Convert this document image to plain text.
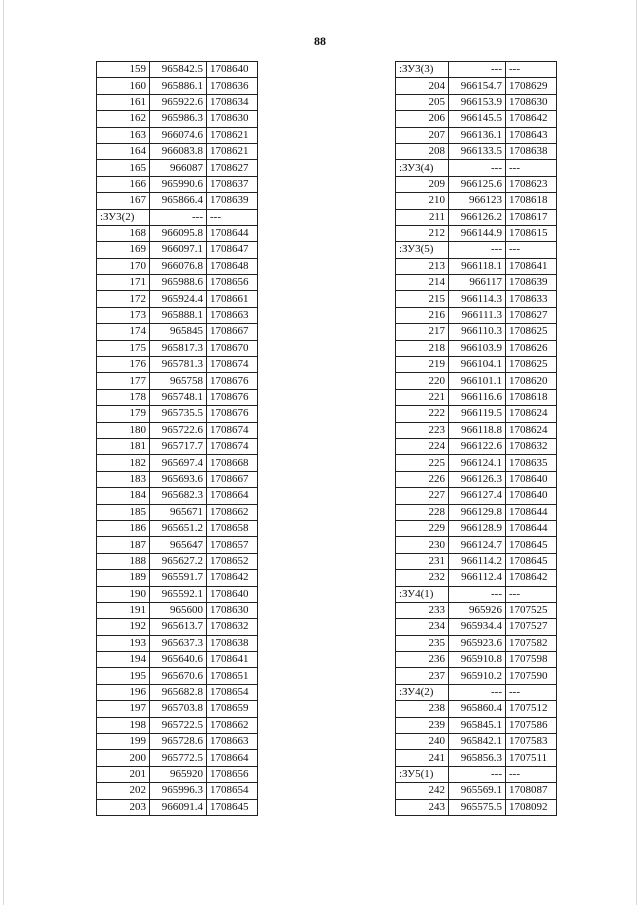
88
159	965842.5	1708640
160	965886.1	1708636
161	965922.6	1708634
162	965986.3	1708630
163	966074.6	1708621
164	966083.8	1708621
165	966087	1708627
166	965990.6	1708637
167	965866.4	1708639
:ЗУ3(2)	---	---
168	966095.8	1708644
169	966097.1	1708647
170	966076.8	1708648
171	965988.6	1708656
172	965924.4	1708661
173	965888.1	1708663
174	965845	1708667
175	965817.3	1708670
176	965781.3	1708674
177	965758	1708676
178	965748.1	1708676
179	965735.5	1708676
180	965722.6	1708674
181	965717.7	1708674
182	965697.4	1708668
183	965693.6	1708667
184	965682.3	1708664
185	965671	1708662
186	965651.2	1708658
187	965647	1708657
188	965627.2	1708652
189	965591.7	1708642
190	965592.1	1708640
191	965600	1708630
192	965613.7	1708632
193	965637.3	1708638
194	965640.6	1708641
195	965670.6	1708651
196	965682.8	1708654
197	965703.8	1708659
198	965722.5	1708662
199	965728.6	1708663
200	965772.5	1708664
201	965920	1708656
202	965996.3	1708654
203	966091.4	1708645
:ЗУ3(3)	---	---
204	966154.7	1708629
205	966153.9	1708630
206	966145.5	1708642
207	966136.1	1708643
208	966133.5	1708638
:ЗУ3(4)	---	---
209	966125.6	1708623
210	966123	1708618
211	966126.2	1708617
212	966144.9	1708615
:ЗУ3(5)	---	---
213	966118.1	1708641
214	966117	1708639
215	966114.3	1708633
216	966111.3	1708627
217	966110.3	1708625
218	966103.9	1708626
219	966104.1	1708625
220	966101.1	1708620
221	966116.6	1708618
222	966119.5	1708624
223	966118.8	1708624
224	966122.6	1708632
225	966124.1	1708635
226	966126.3	1708640
227	966127.4	1708640
228	966129.8	1708644
229	966128.9	1708644
230	966124.7	1708645
231	966114.2	1708645
232	966112.4	1708642
:ЗУ4(1)	---	---
233	965926	1707525
234	965934.4	1707527
235	965923.6	1707582
236	965910.8	1707598
237	965910.2	1707590
:ЗУ4(2)	---	---
238	965860.4	1707512
239	965845.1	1707586
240	965842.1	1707583
241	965856.3	1707511
:ЗУ5(1)	---	---
242	965569.1	1708087
243	965575.5	1708092
